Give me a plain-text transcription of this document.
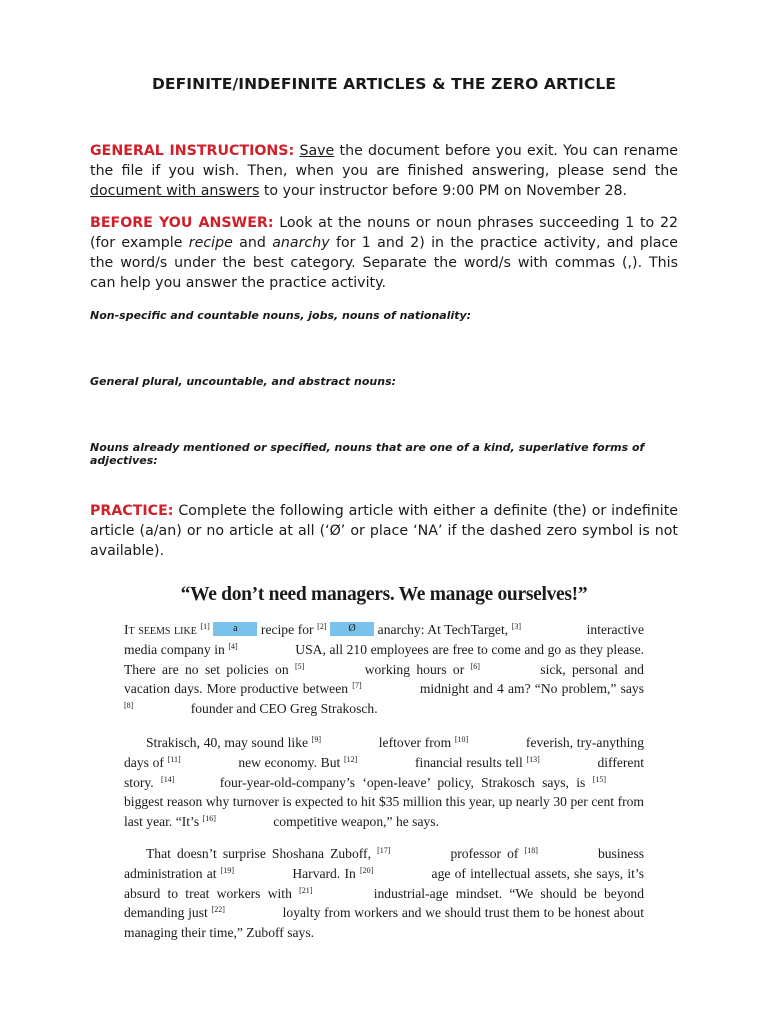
DEFINITE/INDEFINITE ARTICLES & THE ZERO ARTICLE
GENERAL INSTRUCTIONS: Save the document before you exit. You can rename the file if you wish. Then, when you are finished answering, please send the document with answers to your instructor before 9:00 PM on November 28.
BEFORE YOU ANSWER: Look at the nouns or noun phrases succeeding 1 to 22 (for example recipe and anarchy for 1 and 2) in the practice activity, and place the word/s under the best category. Separate the word/s with commas (,). This can help you answer the practice activity.
Non-specific and countable nouns, jobs, nouns of nationality:
General plural, uncountable, and abstract nouns:
Nouns already mentioned or specified, nouns that are one of a kind, superlative forms of adjectives:
PRACTICE: Complete the following article with either a definite (the) or indefinite article (a/an) or no article at all (‘Ø’ or place ‘NA’ if the dashed zero symbol is not available).
“We don’t need managers. We manage ourselves!”
It seems like [1] a recipe for [2] Ø anarchy: At TechTarget, [3]	interactive media company in [4]	USA, all 210 employees are free to come and go as they please. There are no set policies on [5]	working hours or [6]	sick, personal and vacation days. More productive between [7]	midnight and 4 am? “No problem,” says [8]	founder and CEO Greg Strakosch.
Strakisch, 40, may sound like [9]	leftover from [10]	feverish, try-anything days of [11]	new economy. But [12]	financial results tell [13]	different story. [14]	four-year-old-company’s ‘open-leave’ policy, Strakosch says, is [15] biggest reason why turnover is expected to hit $35 million this year, up nearly 30 per cent from last year. “It’s [16]	competitive weapon,” he says.
That doesn’t surprise Shoshana Zuboff, [17]	professor of [18]	business administration at [19]	Harvard. In [20]	age of intellectual assets, she says, it’s absurd to treat workers with [21]	industrial-age mindset. “We should be beyond demanding just [22]	loyalty from workers and we should trust them to be honest about managing their time,” Zuboff says.
